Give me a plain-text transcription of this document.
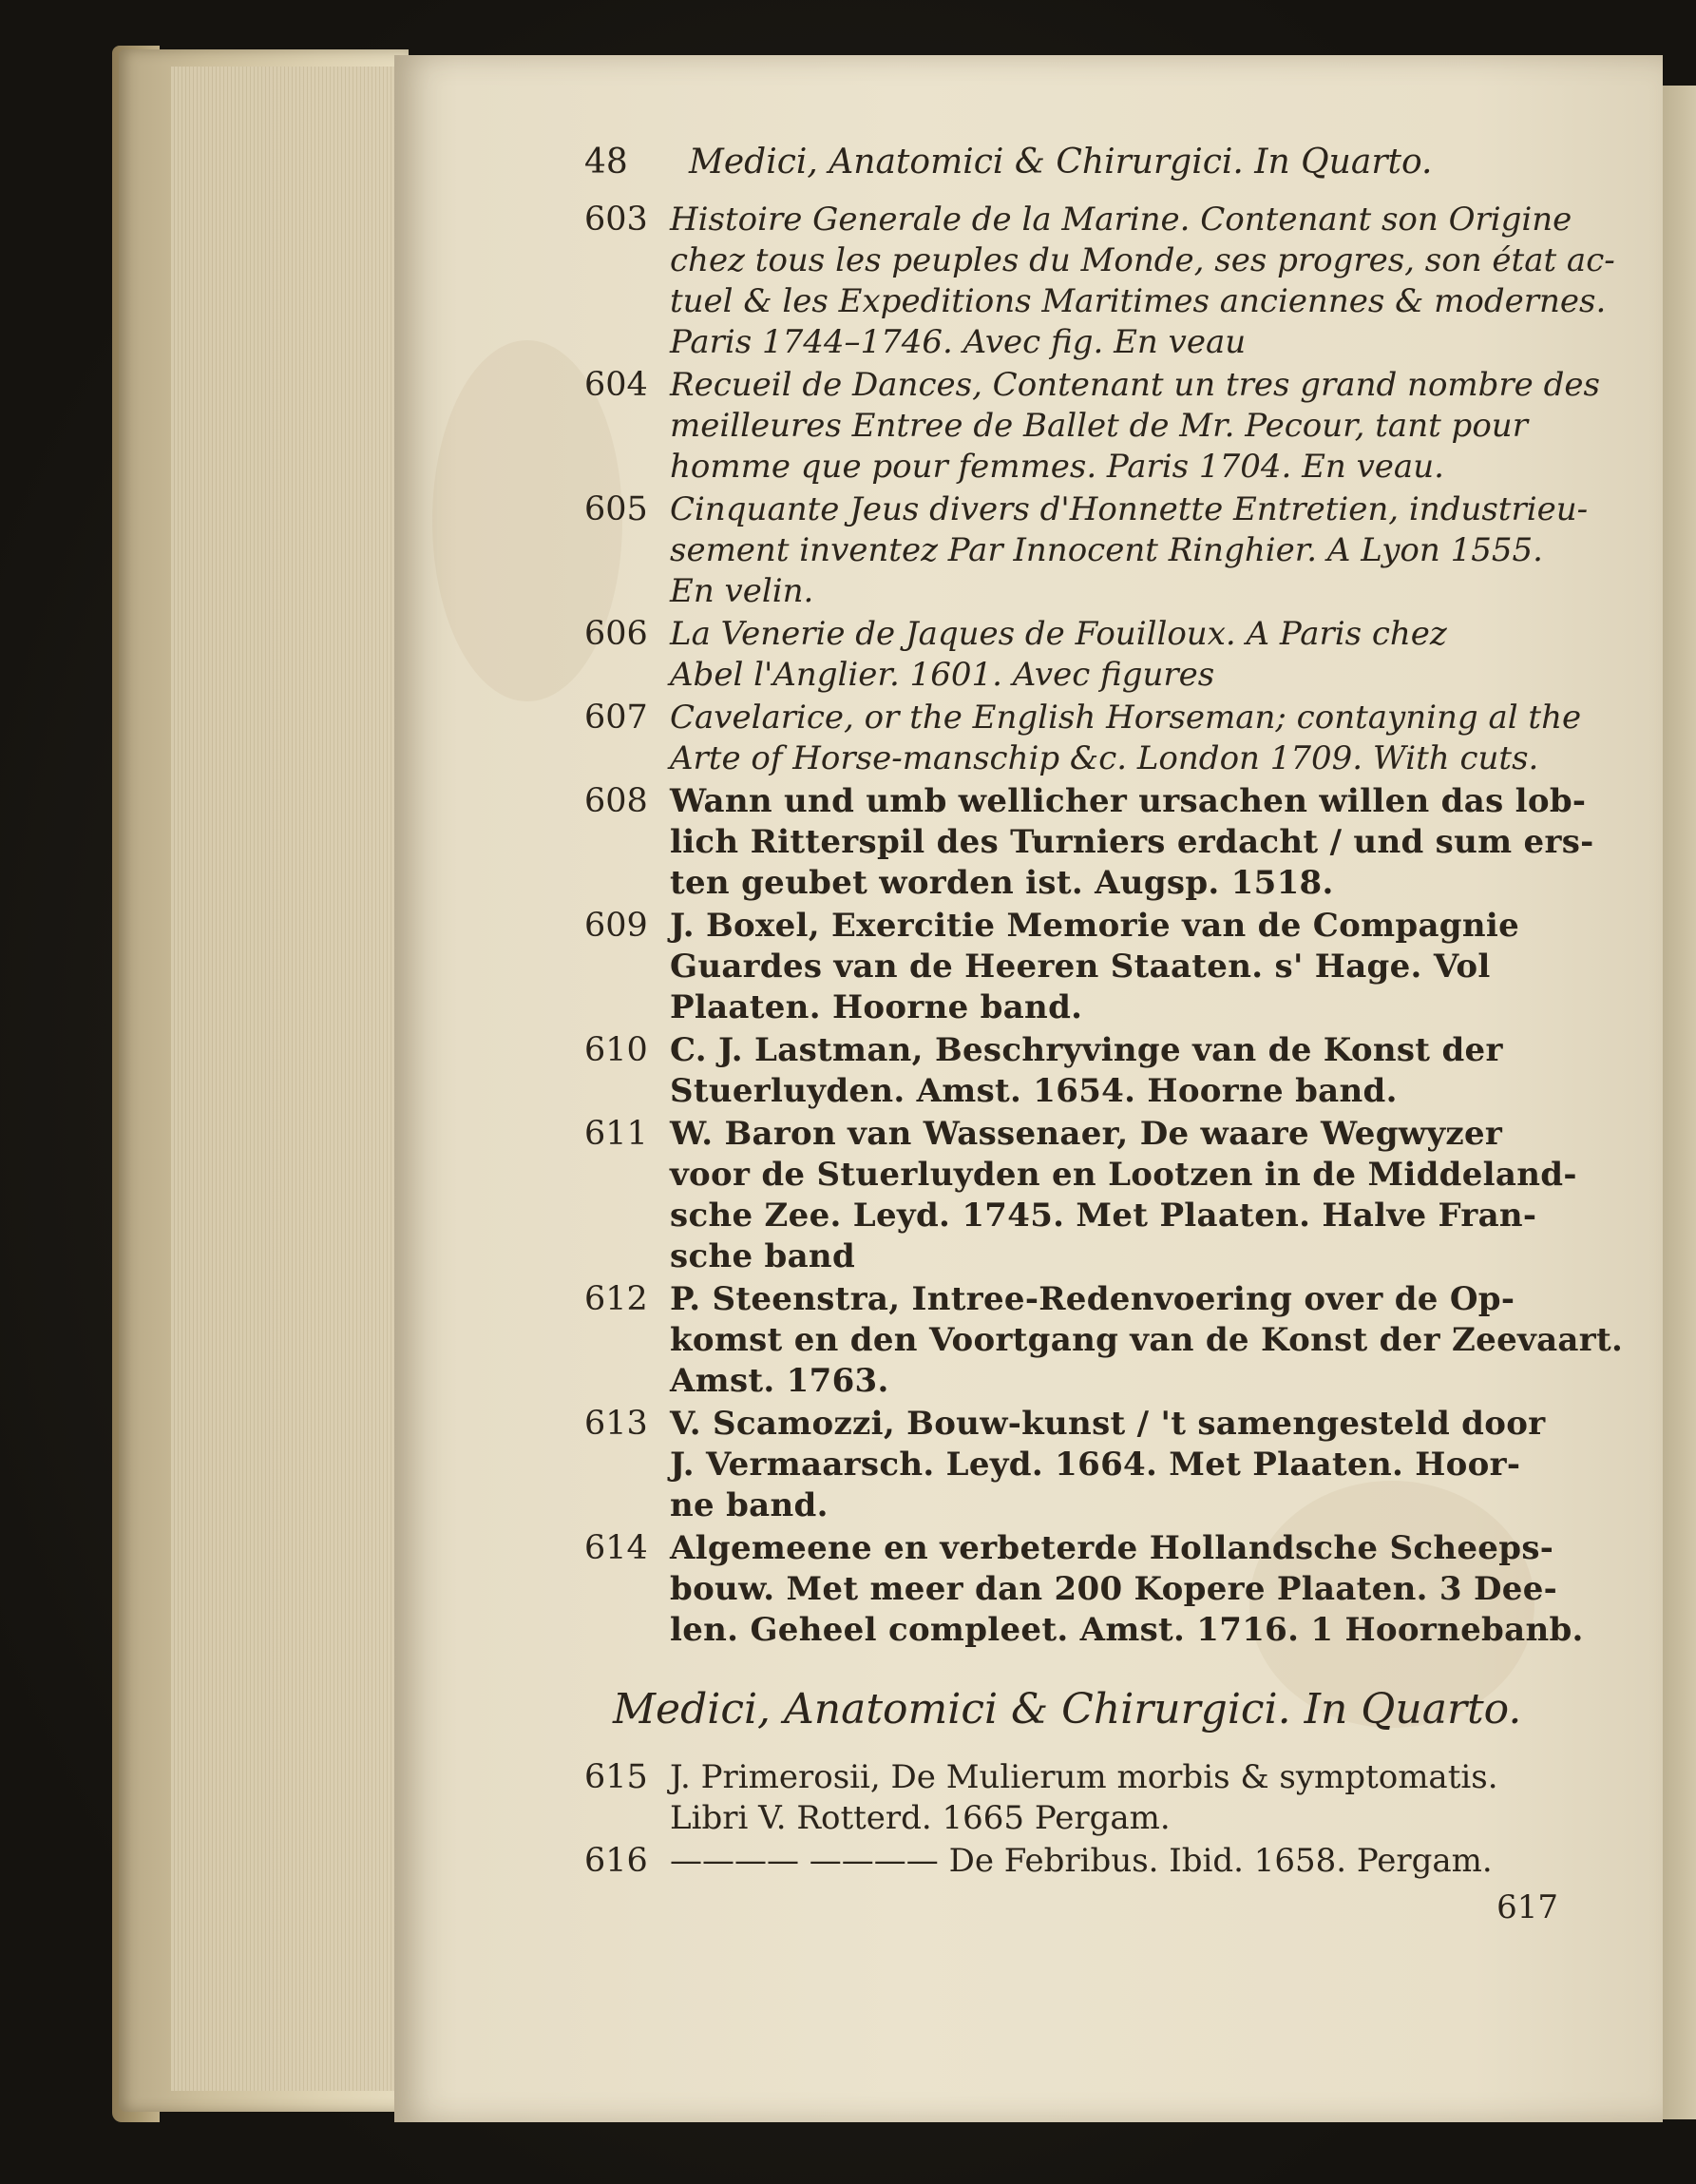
48 Medici, Anatomici & Chirurgici. In Quarto.
603 Histoire Generale de la Marine. Contenant son Origine
chez tous les peuples du Monde, ses progres, son état ac-
tuel & les Expeditions Maritimes anciennes & modernes.
Paris 1744–1746. Avec fig. En veau
604 Recueil de Dances, Contenant un tres grand nombre des
meilleures Entree de Ballet de Mr. Pecour, tant pour
homme que pour femmes. Paris 1704. En veau.
605 Cinquante Jeus divers d'Honnette Entretien, industrieu-
sement inventez Par Innocent Ringhier. A Lyon 1555.
En velin.
606 La Venerie de Jaques de Fouilloux. A Paris chez
Abel l'Anglier. 1601. Avec figures
607 Cavelarice, or the English Horseman; contayning al the
Arte of Horse-manschip &c. London 1709. With cuts.
608 Wann und umb wellicher ursachen willen das lob-
lich Ritterspil des Turniers erdacht / und sum ers-
ten geubet worden ist. Augsp. 1518.
609 J. Boxel, Exercitie Memorie van de Compagnie
Guardes van de Heeren Staaten. s' Hage. Vol
Plaaten. Hoorne band.
610 C. J. Lastman, Beschryvinge van de Konst der
Stuerluyden. Amst. 1654. Hoorne band.
611 W. Baron van Wassenaer, De waare Wegwyzer
voor de Stuerluyden en Lootzen in de Middeland-
sche Zee. Leyd. 1745. Met Plaaten. Halve Fran-
sche band
612 P. Steenstra, Intree-Redenvoering over de Op-
komst en den Voortgang van de Konst der Zeevaart.
Amst. 1763.
613 V. Scamozzi, Bouw-kunst / 't samengesteld door
J. Vermaarsch. Leyd. 1664. Met Plaaten. Hoor-
ne band.
614 Algemeene en verbeterde Hollandsche Scheeps-
bouw. Met meer dan 200 Kopere Plaaten. 3 Dee-
len. Geheel compleet. Amst. 1716. 1 Hoornebanb.
Medici, Anatomici & Chirurgici. In Quarto.
615 J. Primerosii, De Mulierum morbis & symptomatis.
Libri V. Rotterd. 1665 Pergam.
616 ———— ———— De Febribus. Ibid. 1658. Pergam.
617
